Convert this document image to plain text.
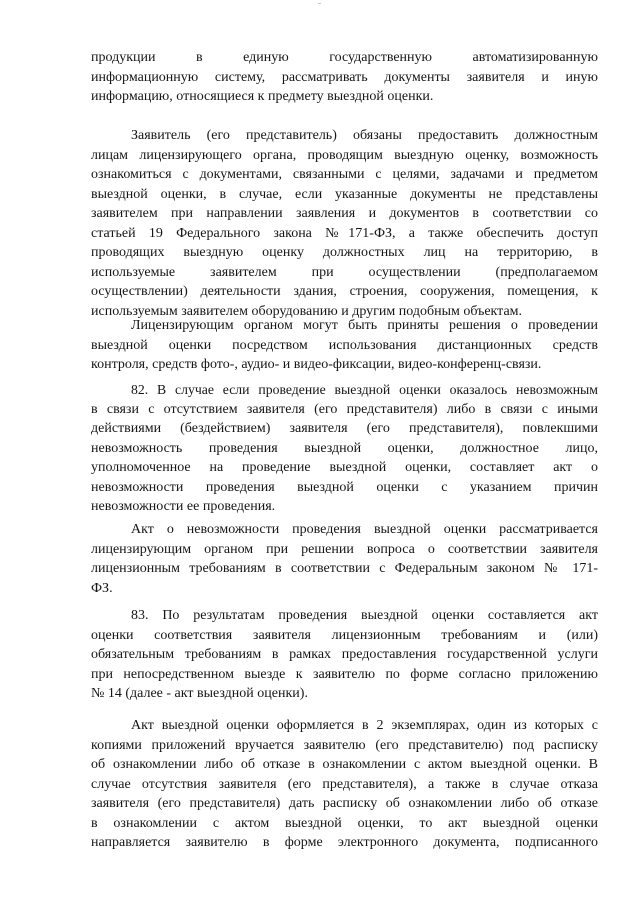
продукции в единую государственную автоматизированную
информационную систему, рассматривать документы заявителя и иную
информацию, относящиеся к предмету выездной оценки.
Заявитель (его представитель) обязаны предоставить должностным
лицам лицензирующего органа, проводящим выездную оценку, возможность
ознакомиться с документами, связанными с целями, задачами и предметом
выездной оценки, в случае, если указанные документы не представлены
заявителем при направлении заявления и документов в соответствии со
статьей 19 Федерального закона №171-ФЗ, а также обеспечить доступ
проводящих выездную оценку должностных лиц на территорию, в
используемые заявителем при осуществлении (предполагаемом
осуществлении) деятельности здания, строения, сооружения, помещения, к
используемым заявителем оборудованию и другим подобным объектам.
Лицензирующим органом могут быть приняты решения о проведении
выездной оценки посредством использования дистанционных средств
контроля, средств фото-, аудио- и видео-фиксации, видео-конференц-связи.
82. В случае если проведение выездной оценки оказалось невозможным
в связи с отсутствием заявителя (его представителя) либо в связи с иными
действиями (бездействием) заявителя (его представителя), повлекшими
невозможность проведения выездной оценки, должностное лицо,
уполномоченное на проведение выездной оценки, составляет акт о
невозможности проведения выездной оценки с указанием причин
невозможности ее проведения.
Акт о невозможности проведения выездной оценки рассматривается
лицензирующим органом при решении вопроса о соответствии заявителя
лицензионным требованиям в соответствии с Федеральным законом № 171-
ФЗ.
83. По результатам проведения выездной оценки составляется акт
оценки соответствия заявителя лицензионным требованиям и (или)
обязательным требованиям в рамках предоставления государственной услуги
при непосредственном выезде к заявителю по форме согласно приложению
№ 14 (далее - акт выездной оценки).
Акт выездной оценки оформляется в 2 экземплярах, один из которых с
копиями приложений вручается заявителю (его представителю) под расписку
об ознакомлении либо об отказе в ознакомлении с актом выездной оценки. В
случае отсутствия заявителя (его представителя), а также в случае отказа
заявителя (его представителя) дать расписку об ознакомлении либо об отказе
в ознакомлении с актом выездной оценки, то акт выездной оценки
направляется заявителю в форме электронного документа, подписанного
